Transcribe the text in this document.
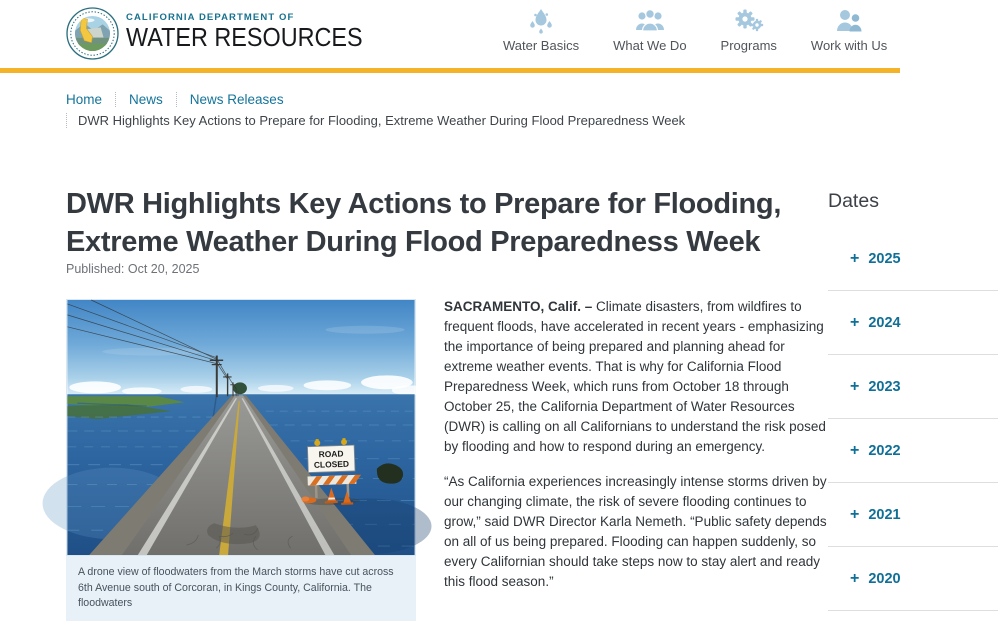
CALIFORNIA DEPARTMENT OF
WATER RESOURCES	Water Basics	What We Do	Programs	Work with Us
Home News News Releases
DWR Highlights Key Actions to Prepare for Flooding, Extreme Weather During Flood Preparedness Week
DWR Highlights Key Actions to Prepare for Flooding, Extreme Weather During Flood Preparedness Week
Published: Oct 20, 2025
ROAD
CLOSED
A drone view of floodwaters from the March storms have cut across 6th Avenue south of Corcoran, in Kings County, California. The floodwaters

SACRAMENTO, Calif. – Climate disasters, from wildfires to frequent floods, have accelerated in recent years - emphasizing the importance of being prepared and planning ahead for extreme weather events. That is why for California Flood Preparedness Week, which runs from October 18 through October 25, the California Department of Water Resources (DWR) is calling on all Californians to understand the risk posed by flooding and how to respond during an emergency.

“As California experiences increasingly intense storms driven by our changing climate, the risk of severe flooding continues to grow,” said DWR Director Karla Nemeth. “Public safety depends on all of us being prepared. Flooding can happen suddenly, so every Californian should take steps now to stay alert and ready this flood season.”

Dates
+ 2025
+ 2024
+ 2023
+ 2022
+ 2021
+ 2020
